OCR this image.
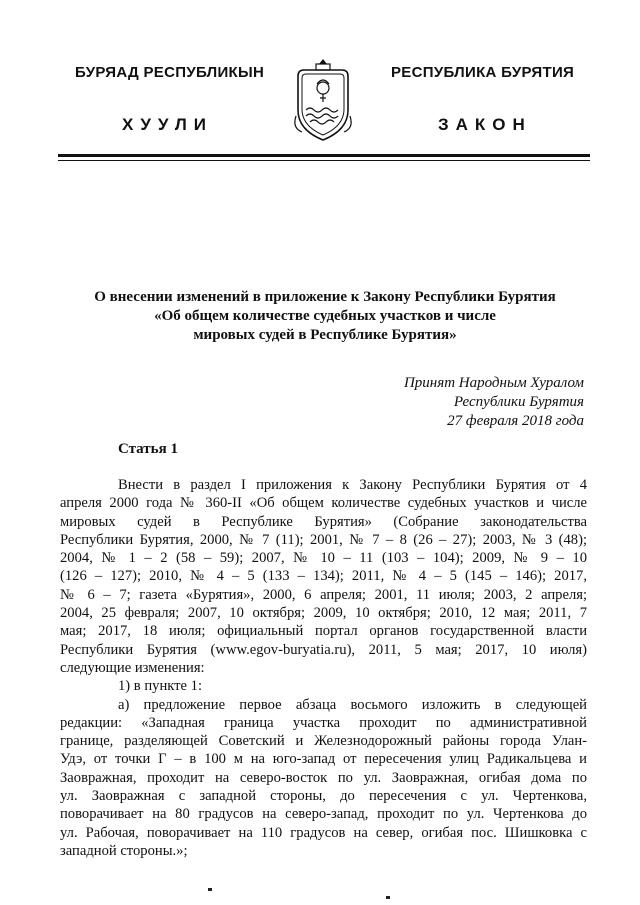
БУРЯАД РЕСПУБЛИКЫН	РЕСПУБЛИКА БУРЯТИЯ
ХУУЛИ	ЗАКОН
О внесении изменений в приложение к Закону Республики Бурятия
«Об общем количестве судебных участков и числе
мировых судей в Республике Бурятия»
Принят Народным Хуралом
Республики Бурятия
27 февраля 2018 года
Статья 1

Внести в раздел I приложения к Закону Республики Бурятия от 4

апреля 2000 года № 360-II «Об общем количестве судебных участков и числе

мировых судей в Республике Бурятия» (Собрание законодательства

Республики Бурятия, 2000, № 7 (11); 2001, № 7 – 8 (26 – 27); 2003, № 3 (48);

2004, № 1 – 2 (58 – 59); 2007, № 10 – 11 (103 – 104); 2009, № 9 – 10

(126 – 127); 2010, № 4 – 5 (133 – 134); 2011, № 4 – 5 (145 – 146); 2017,

№ 6 – 7; газета «Бурятия», 2000, 6 апреля; 2001, 11 июля; 2003, 2 апреля;

2004, 25 февраля; 2007, 10 октября; 2009, 10 октября; 2010, 12 мая; 2011, 7

мая; 2017, 18 июля; официальный портал органов государственной власти

Республики Бурятия (www.egov-buryatia.ru), 2011, 5 мая; 2017, 10 июля)

следующие изменения:

1) в пункте 1:

а) предложение первое абзаца восьмого изложить в следующей

редакции: «Западная граница участка проходит по административной

границе, разделяющей Советский и Железнодорожный районы города Улан-

Удэ, от точки Г – в 100 м на юго-запад от пересечения улиц Радикальцева и

Заовражная, проходит на северо-восток по ул. Заовражная, огибая дома по

ул. Заовражная с западной стороны, до пересечения с ул. Чертенкова,

поворачивает на 80 градусов на северо-запад, проходит по ул. Чертенкова до

ул. Рабочая, поворачивает на 110 градусов на север, огибая пос. Шишковка с

западной стороны.»;
